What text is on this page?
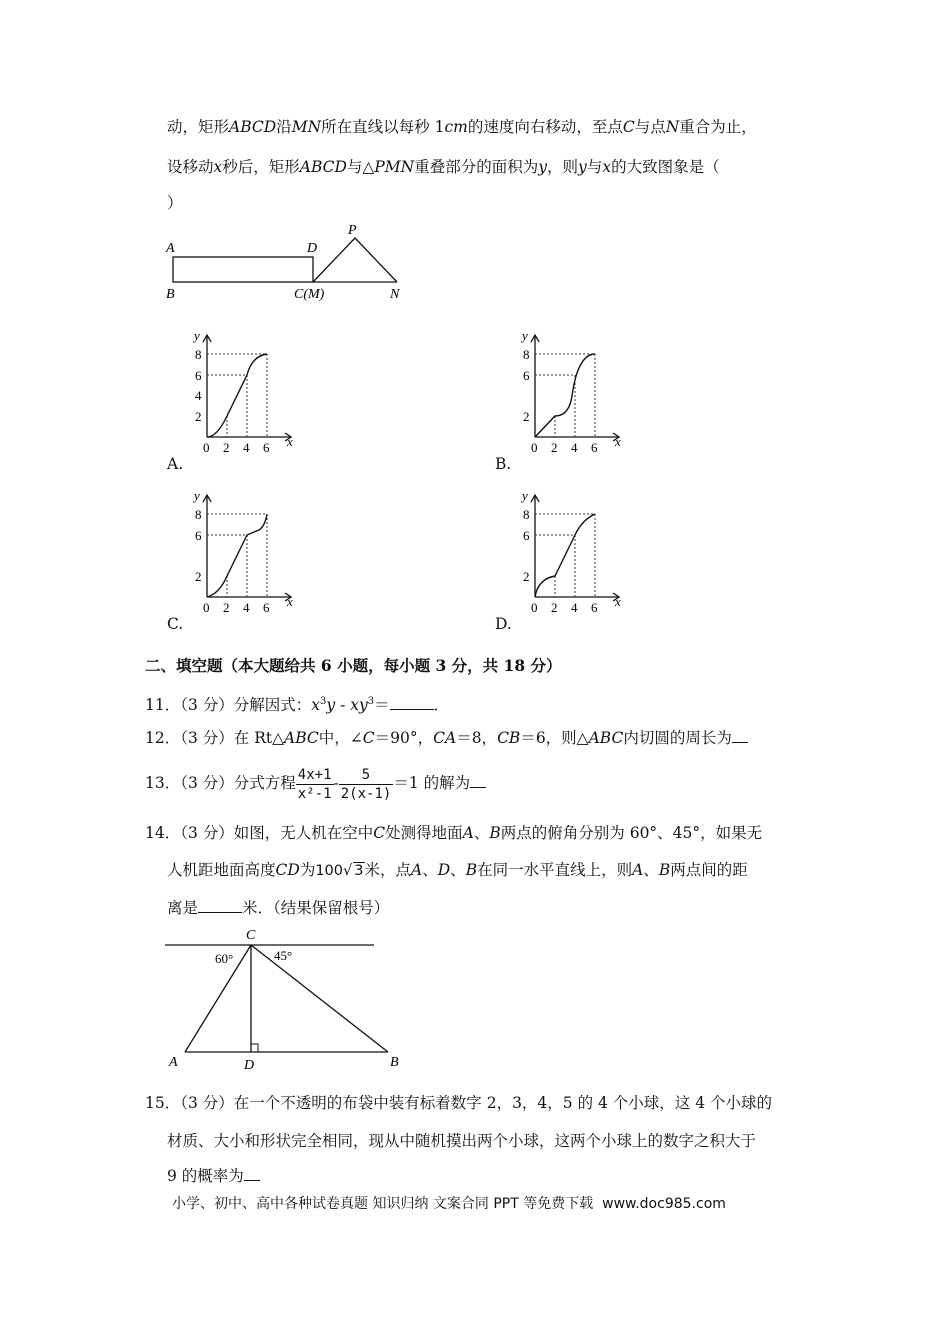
动，矩形ABCD沿MN所在直线以每秒 1cm的速度向右移动，至点C与点N重合为止，
设移动x秒后，矩形ABCD与△PMN重叠部分的面积为y，则y与x的大致图象是（
）
A
B
D
C(M)
P
N
y
x
8
6
4
2
0 2 4 6
A.
y
x
8
6
2
0 2 4 6
B.
y
x
8
6
2
0 2 4 6
C.
y
x
8
6
2
0 2 4 6
D.
二、填空题（本大题给共 6 小题，每小题 3 分，共 18 分）
11．（3 分）分解因式：$x^3y - xy^3=$	．
12．（3 分）在 Rt△ABC中，∠C＝90°，CA＝8，CB＝6，则△ABC内切圆的周长为
13．（3 分）分式方程 $\frac{4x+1}{\text{x²-1}} - \frac{5}{2(x-1)} =1$ 的解为
14．（3 分）如图，无人机在空中C处测得地面A、B两点的俯角分别为 60°、45°，如果无
人机距地面高度CD为100√ 3米，点A、D、B在同一水平直线上，则A、B两点间的距
离是	米．（结果保留根号）
C
A	D	B
60°	45°
15．（3 分）在一个不透明的布袋中装有标着数字 2，3，4，5 的 4 个小球，这 4 个小球的
材质、大小和形状完全相同，现从中随机摸出两个小球，这两个小球上的数字之积大于
9 的概率为
小学、初中、高中各种试卷真题 知识归纳 文案合同 PPT 等免费下载 www.doc985.com
